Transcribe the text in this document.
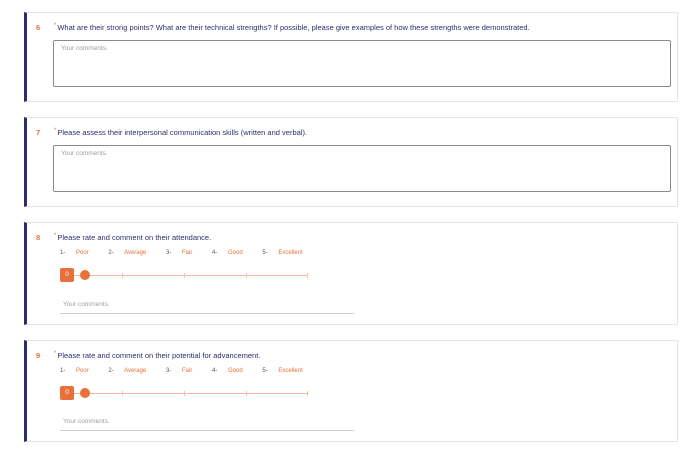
6 *What are their strong points? What are their technical strengths? If possible, please give examples of how these strengths were demonstrated.
Your comments.
7 *Please assess their interpersonal communication skills (written and verbal).
Your comments.
8 *Please rate and comment on their attendance.
1- Poor	2- Average	3- Fair	4- Good	5- Excellent
0
Your comments.
9 *Please rate and comment on their potential for advancement.
1- Poor	2- Average	3- Fair	4- Good	5- Excellent
0
Your comments.
